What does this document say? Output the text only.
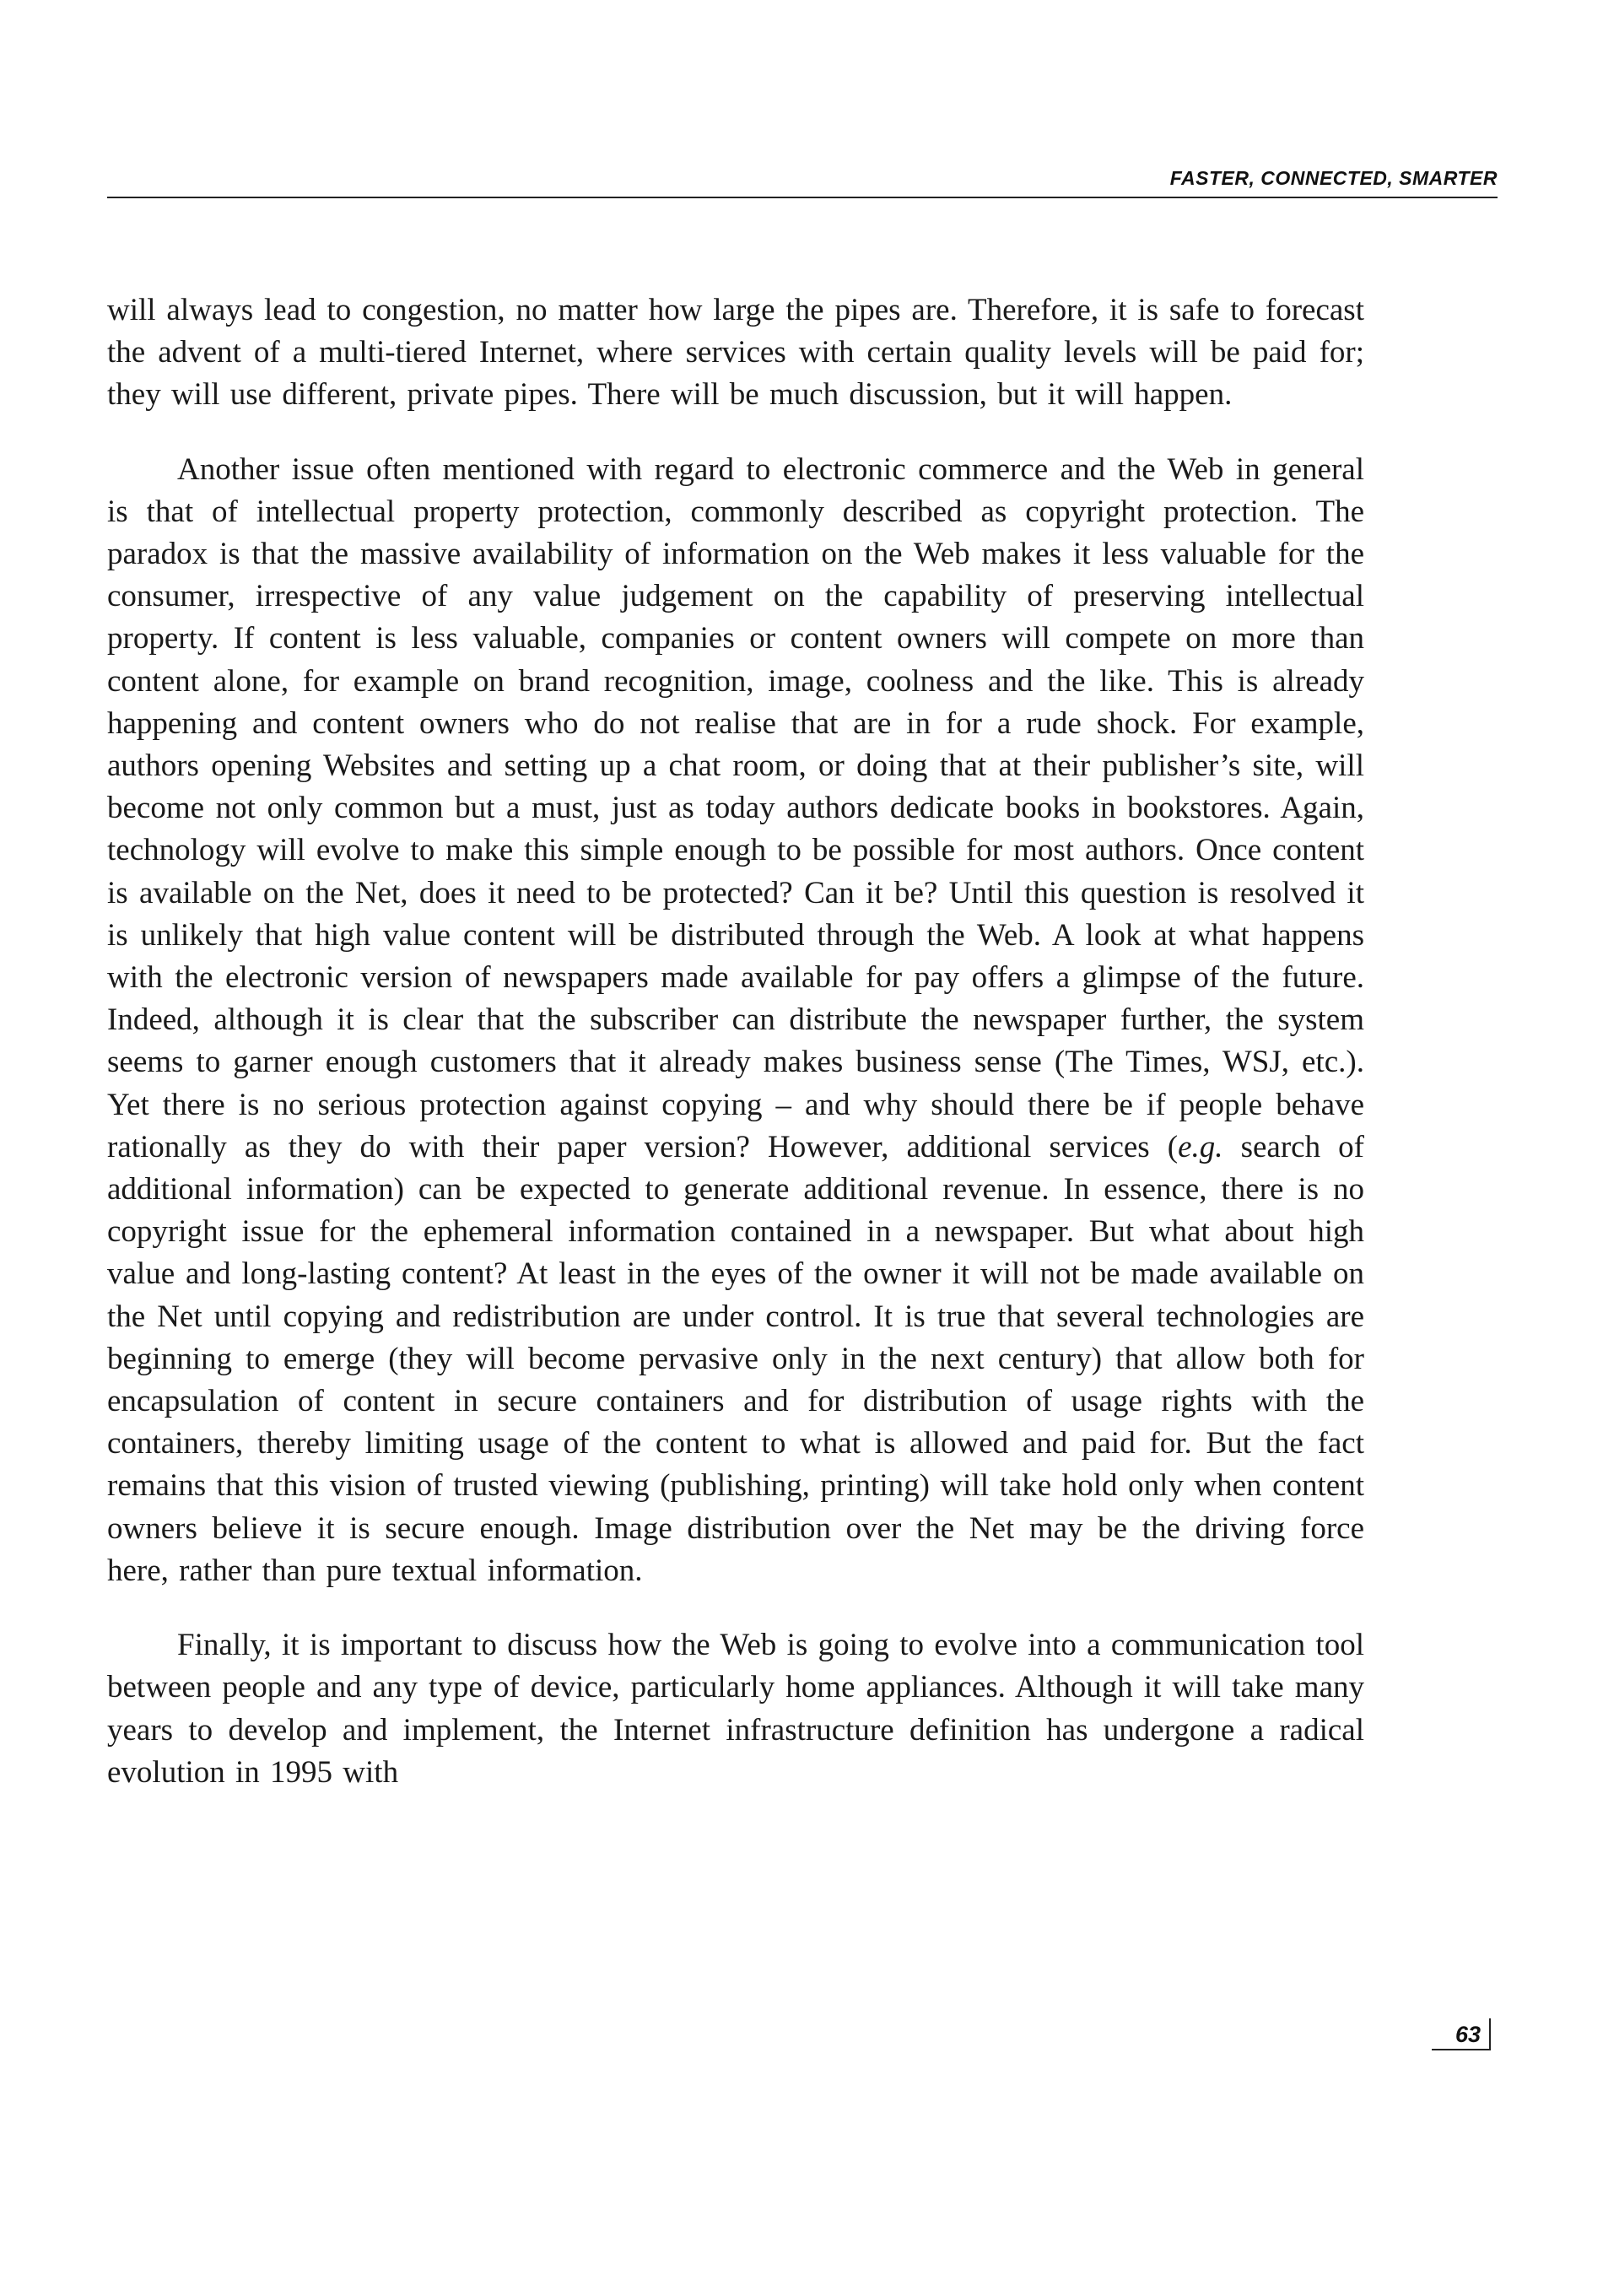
FASTER, CONNECTED, SMARTER

will always lead to congestion, no matter how large the pipes are. Therefore, it is safe to forecast the advent of a multi-tiered Internet, where services with certain quality levels will be paid for; they will use different, private pipes. There will be much discussion, but it will happen.

Another issue often mentioned with regard to electronic commerce and the Web in general is that of intellectual property protection, commonly described as copyright protection. The paradox is that the massive availability of information on the Web makes it less valuable for the consumer, irrespective of any value judgement on the capability of preserving intellectual property. If content is less valuable, companies or content owners will compete on more than content alone, for example on brand recognition, image, coolness and the like. This is already happening and content owners who do not realise that are in for a rude shock. For example, authors opening Websites and setting up a chat room, or doing that at their publisher’s site, will become not only common but a must, just as today authors dedicate books in bookstores. Again, technology will evolve to make this simple enough to be possible for most authors. Once content is available on the Net, does it need to be protected? Can it be? Until this question is resolved it is unlikely that high value content will be distributed through the Web. A look at what happens with the electronic version of newspapers made available for pay offers a glimpse of the future. Indeed, although it is clear that the subscriber can distribute the newspaper further, the system seems to garner enough customers that it already makes business sense (The Times, WSJ, etc.). Yet there is no serious protection against copying – and why should there be if people behave rationally as they do with their paper version? However, additional services (e.g. search of additional information) can be expected to generate additional revenue. In essence, there is no copyright issue for the ephemeral information contained in a newspaper. But what about high value and long-lasting content? At least in the eyes of the owner it will not be made available on the Net until copying and redistribution are under control. It is true that several technologies are beginning to emerge (they will become pervasive only in the next century) that allow both for encapsulation of content in secure containers and for distribution of usage rights with the containers, thereby limiting usage of the content to what is allowed and paid for. But the fact remains that this vision of trusted viewing (publishing, printing) will take hold only when content owners believe it is secure enough. Image distribution over the Net may be the driving force here, rather than pure textual information.

Finally, it is important to discuss how the Web is going to evolve into a communication tool between people and any type of device, particularly home appliances. Although it will take many years to develop and implement, the Internet infrastructure definition has undergone a radical evolution in 1995 with

63
